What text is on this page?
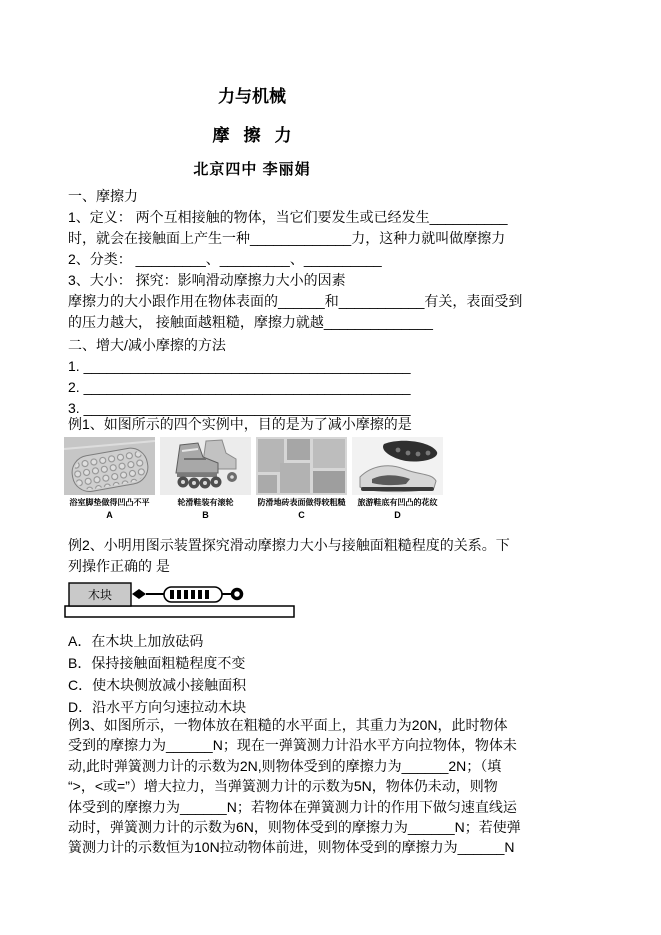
力与机械
摩擦力
北京四中 李丽娟
一、摩擦力
1、定义： 两个互相接触的物体，当它们要发生或已经发生__________
时，就会在接触面上产生一种_____________力，这种力就叫做摩擦力
2、分类： _________、_________、__________
3、大小： 探究：影响滑动摩擦力大小的因素
摩擦力的大小跟作用在物体表面的______和___________有关，表面受到
的压力越大， 接触面越粗糙，摩擦力就越______________
二、增大/减小摩擦的方法
1. __________________________________________
2. __________________________________________
3. __________________________________________
例1、如图所示的四个实例中，目的是为了减小摩擦的是
浴室脚垫做得凹凸不平
A
轮滑鞋装有滚轮
B
防滑地砖表面做得较粗糙
C
旅游鞋底有凹凸的花纹
D
例2、小明用图示装置探究滑动摩擦力大小与接触面粗糙程度的关系。下
列操作正确的 是
木块
A．在木块上加放砝码
B．保持接触面粗糙程度不变
C．使木块侧放减小接触面积
D．沿水平方向匀速拉动木块
例3、如图所示，一物体放在粗糙的水平面上，其重力为20N，此时物体
受到的摩擦力为______N；现在一弹簧测力计沿水平方向拉物体，物体未
动,此时弹簧测力计的示数为2N,则物体受到的摩擦力为______2N；（填
“>，<或=”）增大拉力，当弹簧测力计的示数为5N，物体仍未动，则物
体受到的摩擦力为______N；若物体在弹簧测力计的作用下做匀速直线运
动时，弹簧测力计的示数为6N，则物体受到的摩擦力为______N；若使弹
簧测力计的示数恒为10N拉动物体前进，则物体受到的摩擦力为______N
